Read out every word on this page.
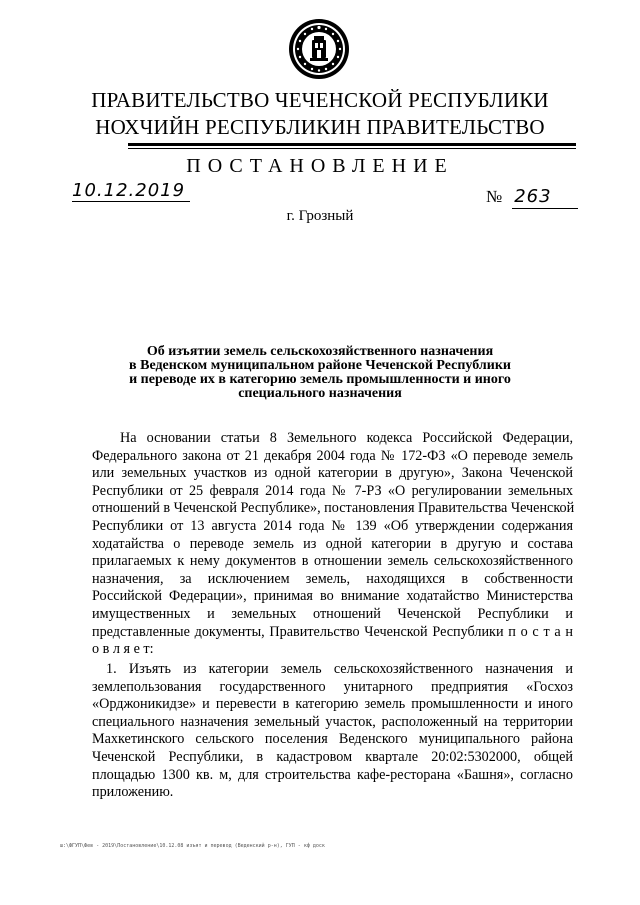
ПРАВИТЕЛЬСТВО ЧЕЧЕНСКОЙ РЕСПУБЛИКИ
НОХЧИЙН РЕСПУБЛИКИН ПРАВИТЕЛЬСТВО
ПОСТАНОВЛЕНИЕ
10.12.2019	№ 263
г. Грозный
Об изъятии земель сельскохозяйственного назначения
в Веденском муниципальном районе Чеченской Республики
и переводе их в категорию земель промышленности и иного
специального назначения
На основании статьи 8 Земельного кодекса Российской Федерации,
Федерального закона от 21 декабря 2004 года № 172-ФЗ «О переводе земель
или земельных участков из одной категории в другую», Закона Чеченской
Республики от 25 февраля 2014 года № 7-РЗ «О регулировании земельных
отношений в Чеченской Республике», постановления Правительства Чеченской
Республики от 13 августа 2014 года № 139 «Об утверждении содержания
ходатайства о переводе земель из одной категории в другую и состава
прилагаемых к нему документов в отношении земель сельскохозяйственного
назначения, за исключением земель, находящихся в собственности
Российской Федерации», принимая во внимание ходатайство Министерства
имущественных и земельных отношений Чеченской Республики и
представленные документы, Правительство Чеченской Республики п о с т а н
о в л я е т:
1. Изъять из категории земель сельскохозяйственного назначения и
землепользования государственного унитарного предприятия «Госхоз
«Орджоникидзе» и перевести в категорию земель промышленности и иного
специального назначения земельный участок, расположенный на территории
Махкетинского сельского поселения Веденского муниципального района
Чеченской Республики, в кадастровом квартале 20:02:5302000, общей
площадью 1300 кв. м, для строительства кафе-ресторана «Башня», согласно
приложению.
ш:\ФГУП\Фев - 2019\Постановление\10.12.08 изъят и перевод (Веденский р-н), ГУП - кф доск
